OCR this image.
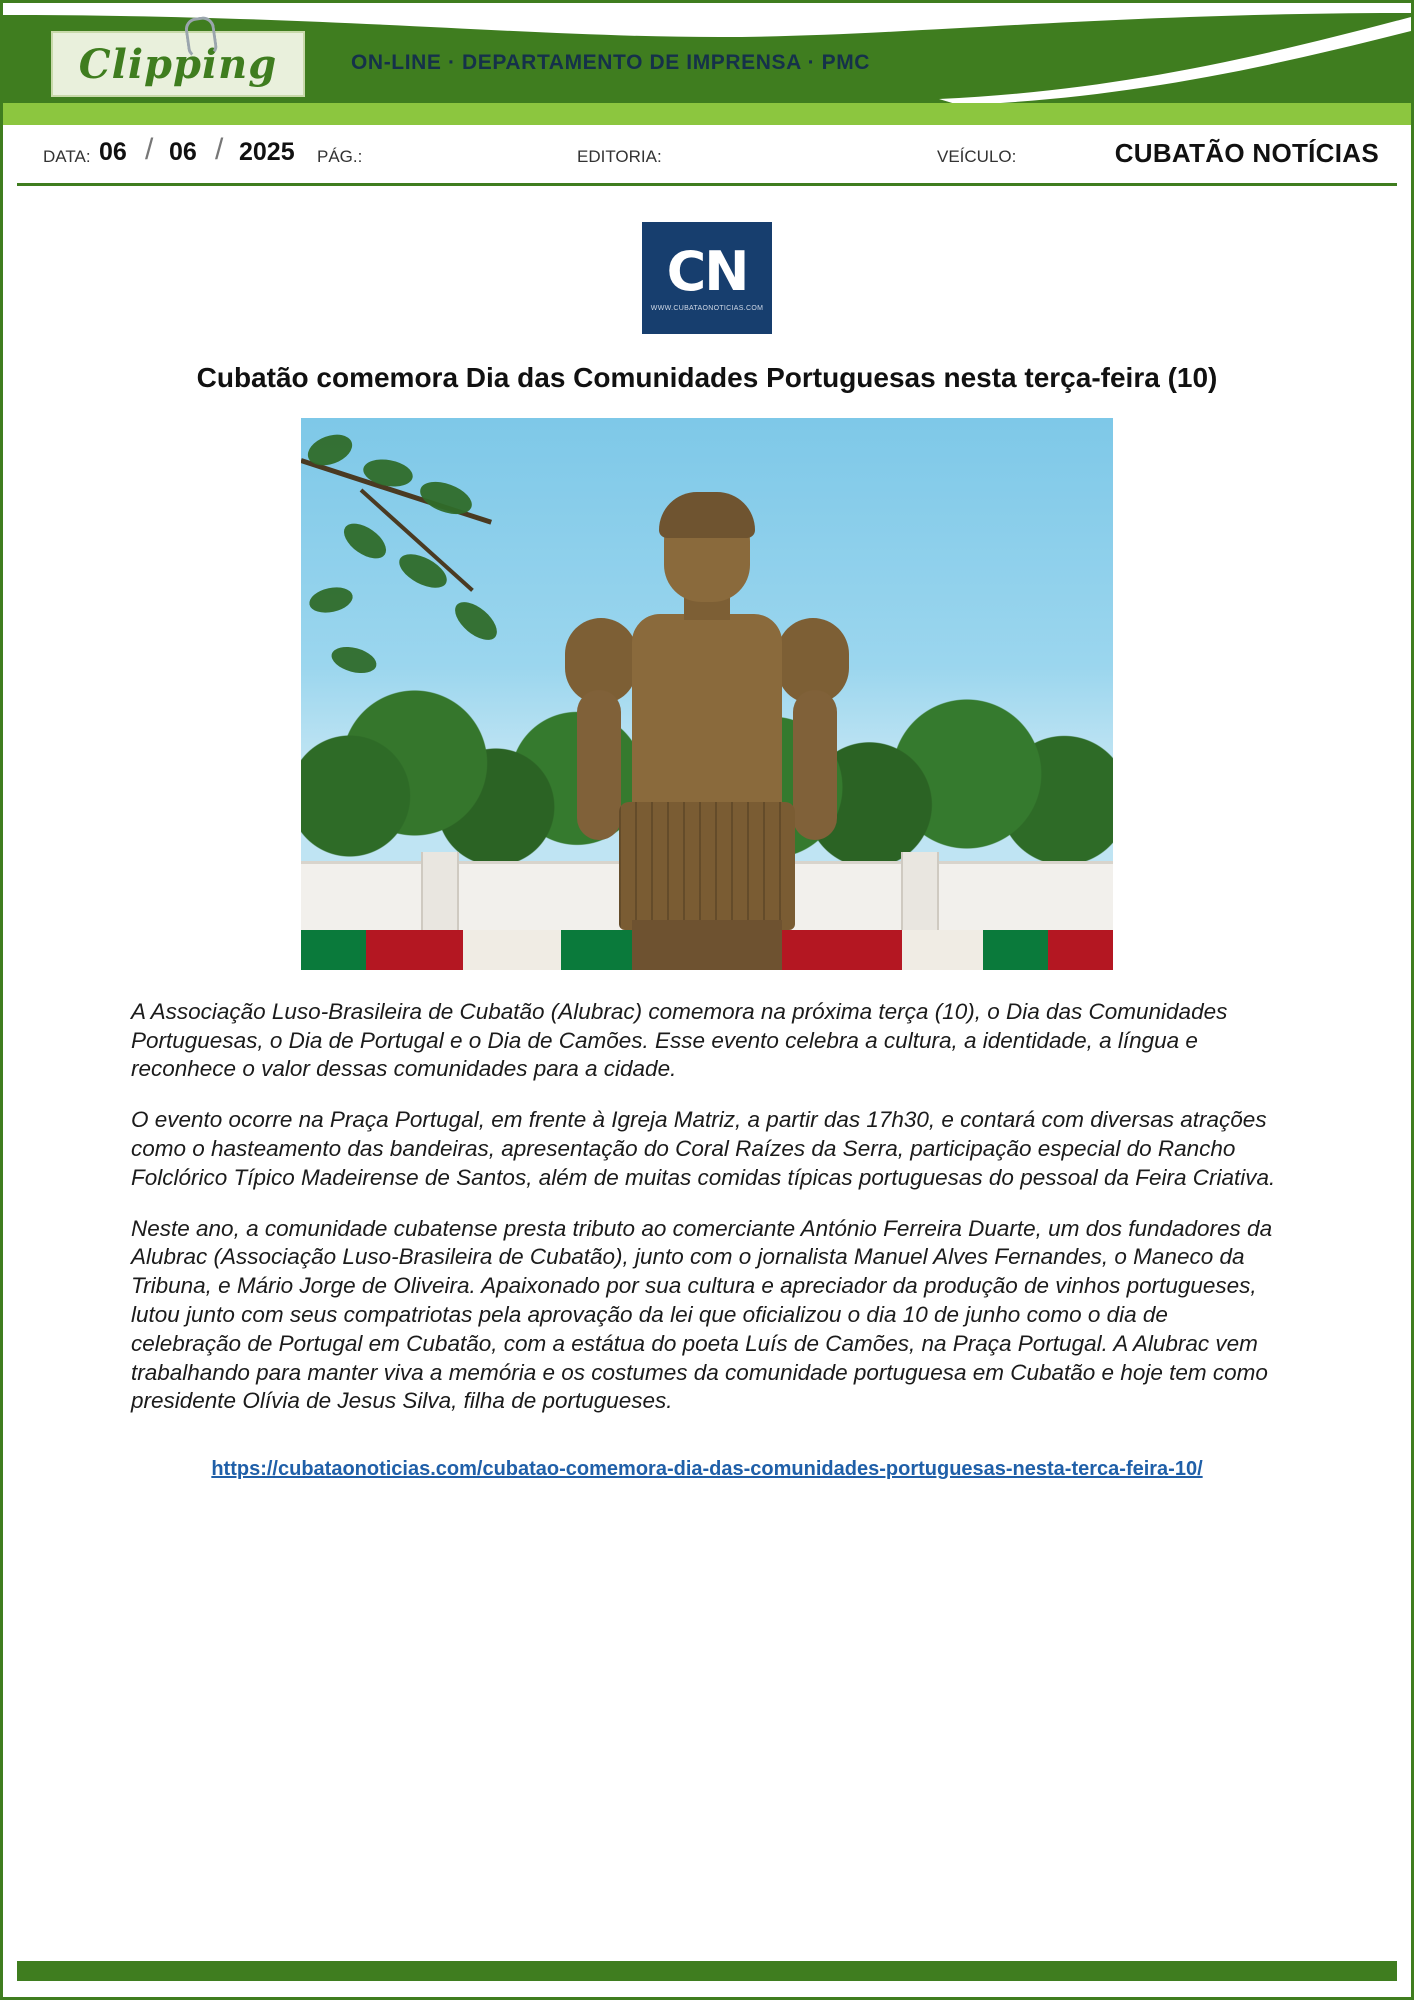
Clipping	ON-LINE · DEPARTAMENTO DE IMPRENSA · PMC
DATA: 06 / 06 / 2025 PÁG.:	EDITORIA:	VEÍCULO:	CUBATÃO NOTÍCIAS
CN
WWW.CUBATAONOTICIAS.COM
Cubatão comemora Dia das Comunidades Portuguesas nesta terça-feira (10)

A Associação Luso-Brasileira de Cubatão (Alubrac) comemora na próxima terça (10), o Dia das Comunidades Portuguesas, o Dia de Portugal e o Dia de Camões. Esse evento celebra a cultura, a identidade, a língua e reconhece o valor dessas comunidades para a cidade.

O evento ocorre na Praça Portugal, em frente à Igreja Matriz, a partir das 17h30, e contará com diversas atrações como o hasteamento das bandeiras, apresentação do Coral Raízes da Serra, participação especial do Rancho Folclórico Típico Madeirense de Santos, além de muitas comidas típicas portuguesas do pessoal da Feira Criativa.

Neste ano, a comunidade cubatense presta tributo ao comerciante António Ferreira Duarte, um dos fundadores da Alubrac (Associação Luso-Brasileira de Cubatão), junto com o jornalista Manuel Alves Fernandes, o Maneco da Tribuna, e Mário Jorge de Oliveira. Apaixonado por sua cultura e apreciador da produção de vinhos portugueses, lutou junto com seus compatriotas pela aprovação da lei que oficializou o dia 10 de junho como o dia de celebração de Portugal em Cubatão, com a estátua do poeta Luís de Camões, na Praça Portugal. A Alubrac vem trabalhando para manter viva a memória e os costumes da comunidade portuguesa em Cubatão e hoje tem como presidente Olívia de Jesus Silva, filha de portugueses.

https://cubataonoticias.com/cubatao-comemora-dia-das-comunidades-portuguesas-nesta-terca-feira-10/
